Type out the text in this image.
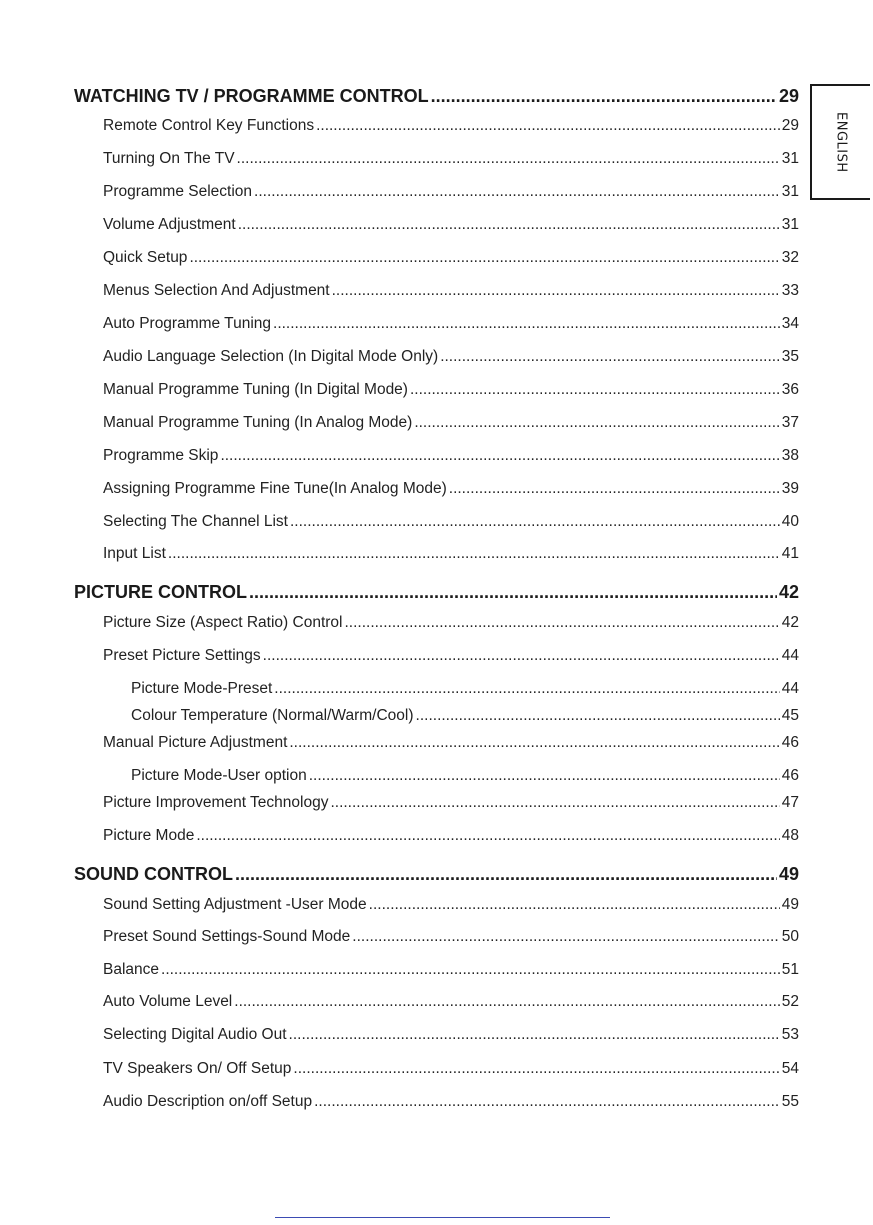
WATCHING TV / PROGRAMME CONTROL .....	29
Remote Control Key Functions .....	29
Turning On The TV .....	31
Programme Selection .....	31
Volume Adjustment .....	31
Quick Setup .....	32
Menus Selection And Adjustment .....	33
Auto Programme Tuning .....	34
Audio Language Selection (In Digital Mode Only) .....	35
Manual Programme Tuning (In Digital Mode) .....	36
Manual Programme Tuning (In Analog Mode) .....	37
Programme Skip .....	38
Assigning Programme Fine Tune(In Analog Mode) .....	39
Selecting The Channel List .....	40
Input List .....	41
PICTURE CONTROL .....	42
Picture Size (Aspect Ratio) Control .....	42
Preset Picture Settings .....	44
Picture Mode-Preset .....	44
Colour Temperature (Normal/Warm/Cool) .....	45
Manual Picture Adjustment .....	46
Picture Mode-User option .....	46
Picture Improvement Technology .....	47
Picture Mode .....	48
SOUND CONTROL .....	49
Sound Setting Adjustment -User Mode .....	49
Preset Sound Settings-Sound Mode .....	50
Balance .....	51
Auto Volume Level .....	52
Selecting Digital Audio Out .....	53
TV Speakers On/ Off Setup .....	54
Audio Description on/off Setup .....	55
ENGLISH
